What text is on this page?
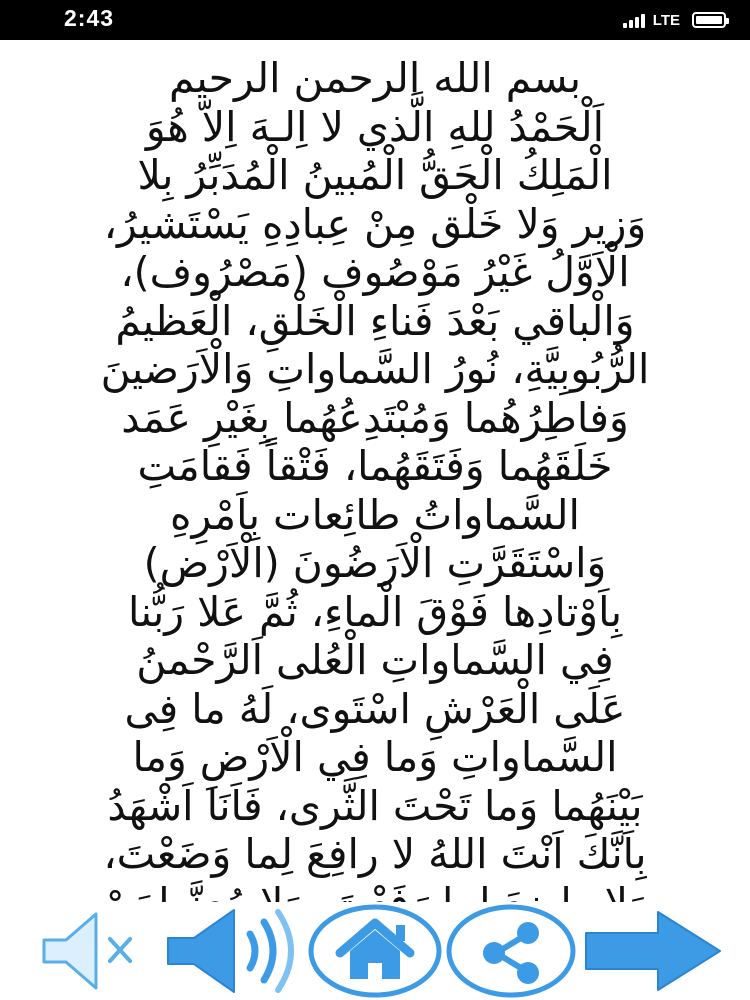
2:43	LTE

بسم الله الرحمن الرحيم
اَلْحَمْدُ للهِ الَّذي لا اِلـهَ اِلاّ هُوَ
الْمَلِكُ الْحَقُّ الْمُبينُ الْمُدَبِّرُ بِلا
وَزير وَلا خَلْق مِنْ عِبادِهِ يَسْتَشيرُ،
الْاَوَّلُ غَيْرُ مَوْصُوف (مَصْرُوف)،
وَالْباقي بَعْدَ فَناءِ الْخَلْقِ، الْعَظيمُ
الرُّبُوبِيَّةِ، نُورُ السَّماواتِ وَالْاَرَضينَ
وَفاطِرُهُما وَمُبْتَدِعُهُما بِغَيْرِ عَمَد
خَلَقَهُما وَفَتَقَهُما، فَتْقاً فَقامَتِ
السَّماواتُ طائِعات بِاَمْرِهِ
وَاسْتَقَرَّتِ الْاَرَضُونَ (الْاَرْض)
بِاَوْتادِها فَوْقَ الْماءِ، ثُمَّ عَلا رَبُّنا
فِي السَّماواتِ الْعُلى اَلرَّحْمنُ
عَلَى الْعَرْشِ اسْتَوى، لَهُ ما فِى
السَّماواتِ وَما فِي الْاَرْضِ وَما
بَيْنَهُما وَما تَحْتَ الثَّرى، فَاَنَا اَشْهَدُ
بِاَنَّكَ اَنْتَ اللهُ لا رافِعَ لِما وَضَعْتَ،
